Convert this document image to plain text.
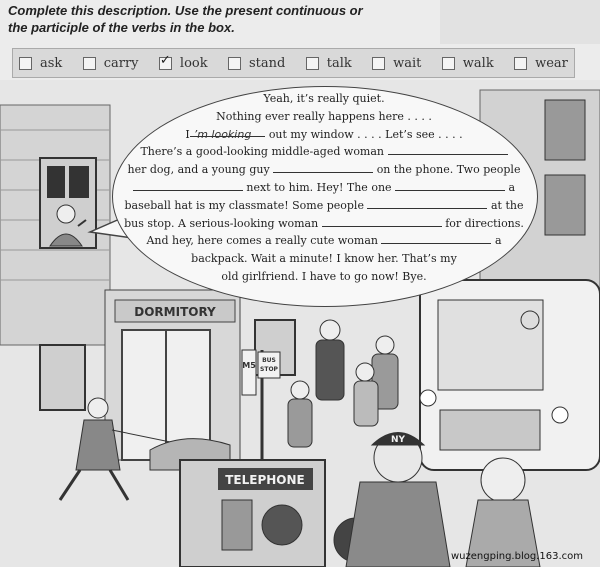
Complete this description. Use the present continuous or
the participle of the verbs in the box.
ask	carry
✓	look	stand	talk	wait	walk	wear
DORMITORY
M5
BUS
STOP
TELEPHONE
NY
Yeah, it’s really quiet.
Nothing ever really happens here . . . .
I ’m looking out my window . . . . Let’s see . . . .
There’s a good-looking middle-aged woman
her dog, and a young guy	on the phone. Two people
next to him. Hey! The one	a
baseball hat is my classmate! Some people	at the
bus stop. A serious-looking woman	for directions.
And hey, here comes a really cute woman	a
backpack. Wait a minute! I know her. That’s my
old girlfriend. I have to go now! Bye.
wuzengping.blog.163.com
